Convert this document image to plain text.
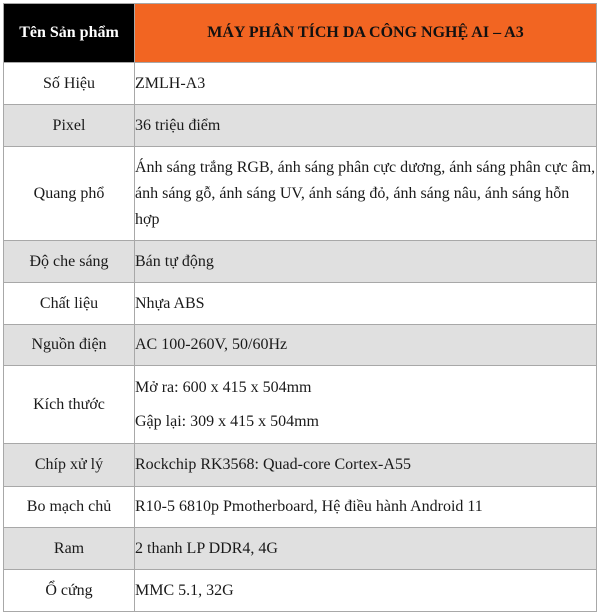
Tên Sản phẩm	MÁY PHÂN TÍCH DA CÔNG NGHỆ AI – A3
Số Hiệu	ZMLH-A3
Pixel	36 triệu điểm
Quang phổ	Ánh sáng trắng RGB, ánh sáng phân cực dương, ánh sáng phân cực âm, ánh sáng gỗ, ánh sáng UV, ánh sáng đỏ, ánh sáng nâu, ánh sáng hỗn hợp

Độ che sáng	Bán tự động
Chất liệu	Nhựa ABS
Nguồn điện	AC 100-260V, 50/60Hz
Kích thước	Mở ra: 600 x 415 x 504mm
Gập lại: 309 x 415 x 504mm

Chíp xử lý	Rockchip RK3568: Quad-core Cortex-A55
Bo mạch chủ	R10-5 6810p Pmotherboard, Hệ điều hành Android 11
Ram	2 thanh LP DDR4, 4G
Ổ cứng	MMC 5.1, 32G
